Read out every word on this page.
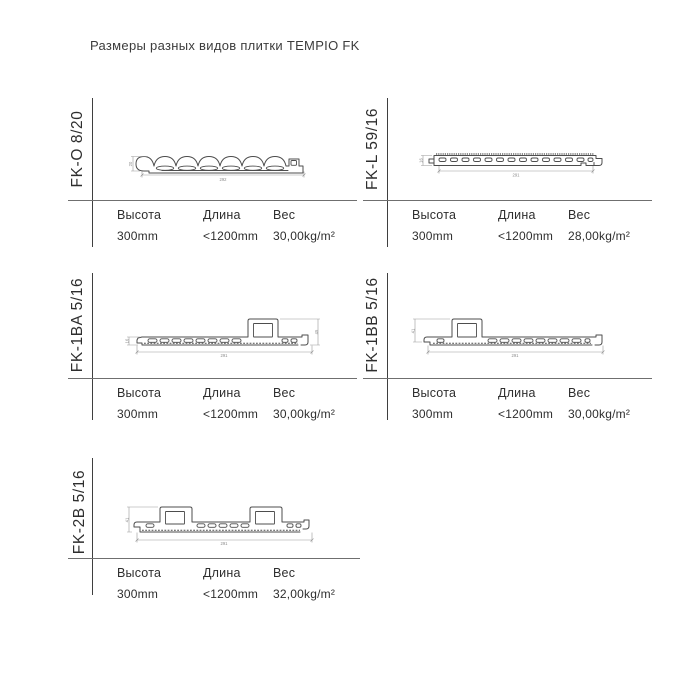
Размеры разных видов плитки TEMPIO FK
FK-O 8/20	20
292
Высота	Длина	Вес
300mm	<1200mm 30,00kg/m²
FK-L 59/16	16
291
Высота	Длина	Вес
300mm	<1200mm 28,00kg/m²
FK-1BA 5/16	45
16
291
Высота	Длина	Вес
300mm	<1200mm 30,00kg/m²
FK-1BB 5/16	41
291
Высота	Длина	Вес
300mm	<1200mm 30,00kg/m²
FK-2B 5/16	41
291
Высота	Длина	Вес
300mm	<1200mm 32,00kg/m²
